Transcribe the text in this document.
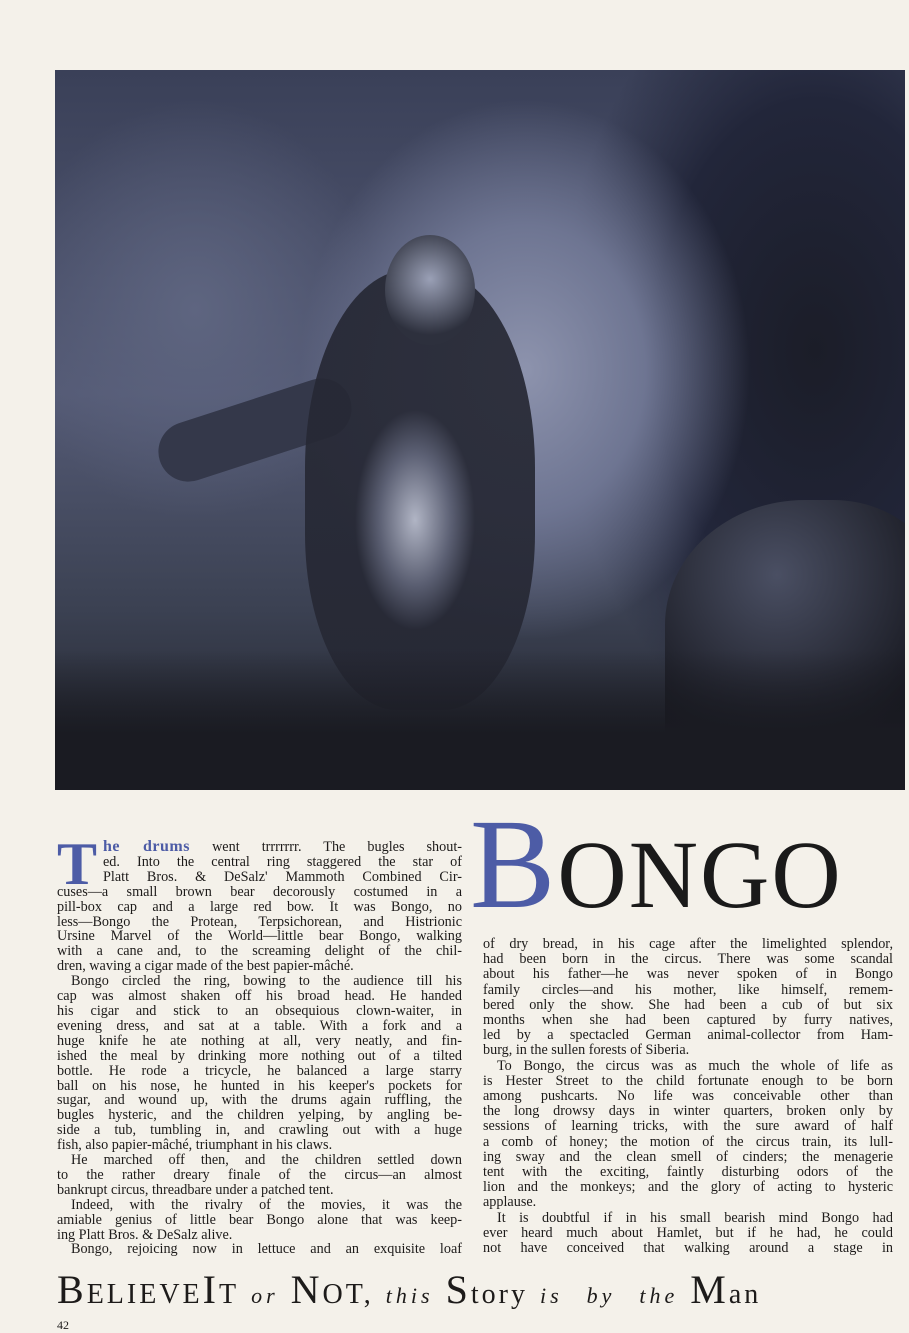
BONGO
T he drums went trrrrrrr. The bugles shout-
ed. Into the central ring staggered the star of
Platt Bros. & DeSalz' Mammoth Combined Cir-
cuses—a small brown bear decorously costumed in a
pill-box cap and a large red bow. It was Bongo, no
less—Bongo the Protean, Terpsichorean, and Histrionic
Ursine Marvel of the World—little bear Bongo, walking
with a cane and, to the screaming delight of the chil-
dren, waving a cigar made of the best papier-mâché.
Bongo circled the ring, bowing to the audience till his
cap was almost shaken off his broad head. He handed
his cigar and stick to an obsequious clown-waiter, in
evening dress, and sat at a table. With a fork and a
huge knife he ate nothing at all, very neatly, and fin-
ished the meal by drinking more nothing out of a tilted
bottle. He rode a tricycle, he balanced a large starry
ball on his nose, he hunted in his keeper's pockets for
sugar, and wound up, with the drums again ruffling, the
bugles hysteric, and the children yelping, by angling be-
side a tub, tumbling in, and crawling out with a huge
fish, also papier-mâché, triumphant in his claws.
He marched off then, and the children settled down
to the rather dreary finale of the circus—an almost
bankrupt circus, threadbare under a patched tent.
Indeed, with the rivalry of the movies, it was the
amiable genius of little bear Bongo alone that was keep-
ing Platt Bros. & DeSalz alive.
Bongo, rejoicing now in lettuce and an exquisite loaf
of dry bread, in his cage after the limelighted splendor,
had been born in the circus. There was some scandal
about his father—he was never spoken of in Bongo
family circles—and his mother, like himself, remem-
bered only the show. She had been a cub of but six
months when she had been captured by furry natives,
led by a spectacled German animal-collector from Ham-
burg, in the sullen forests of Siberia.
To Bongo, the circus was as much the whole of life as
is Hester Street to the child fortunate enough to be born
among pushcarts. No life was conceivable other than
the long drowsy days in winter quarters, broken only by
sessions of learning tricks, with the sure award of half
a comb of honey; the motion of the circus train, its lull-
ing sway and the clean smell of cinders; the menagerie
tent with the exciting, faintly disturbing odors of the
lion and the monkeys; and the glory of acting to hysteric
applause.
It is doubtful if in his small bearish mind Bongo had
ever heard much about Hamlet, but if he had, he could
not have conceived that walking around a stage in
B ELIEVE I T or N OT, this S tory is by the M an
42
